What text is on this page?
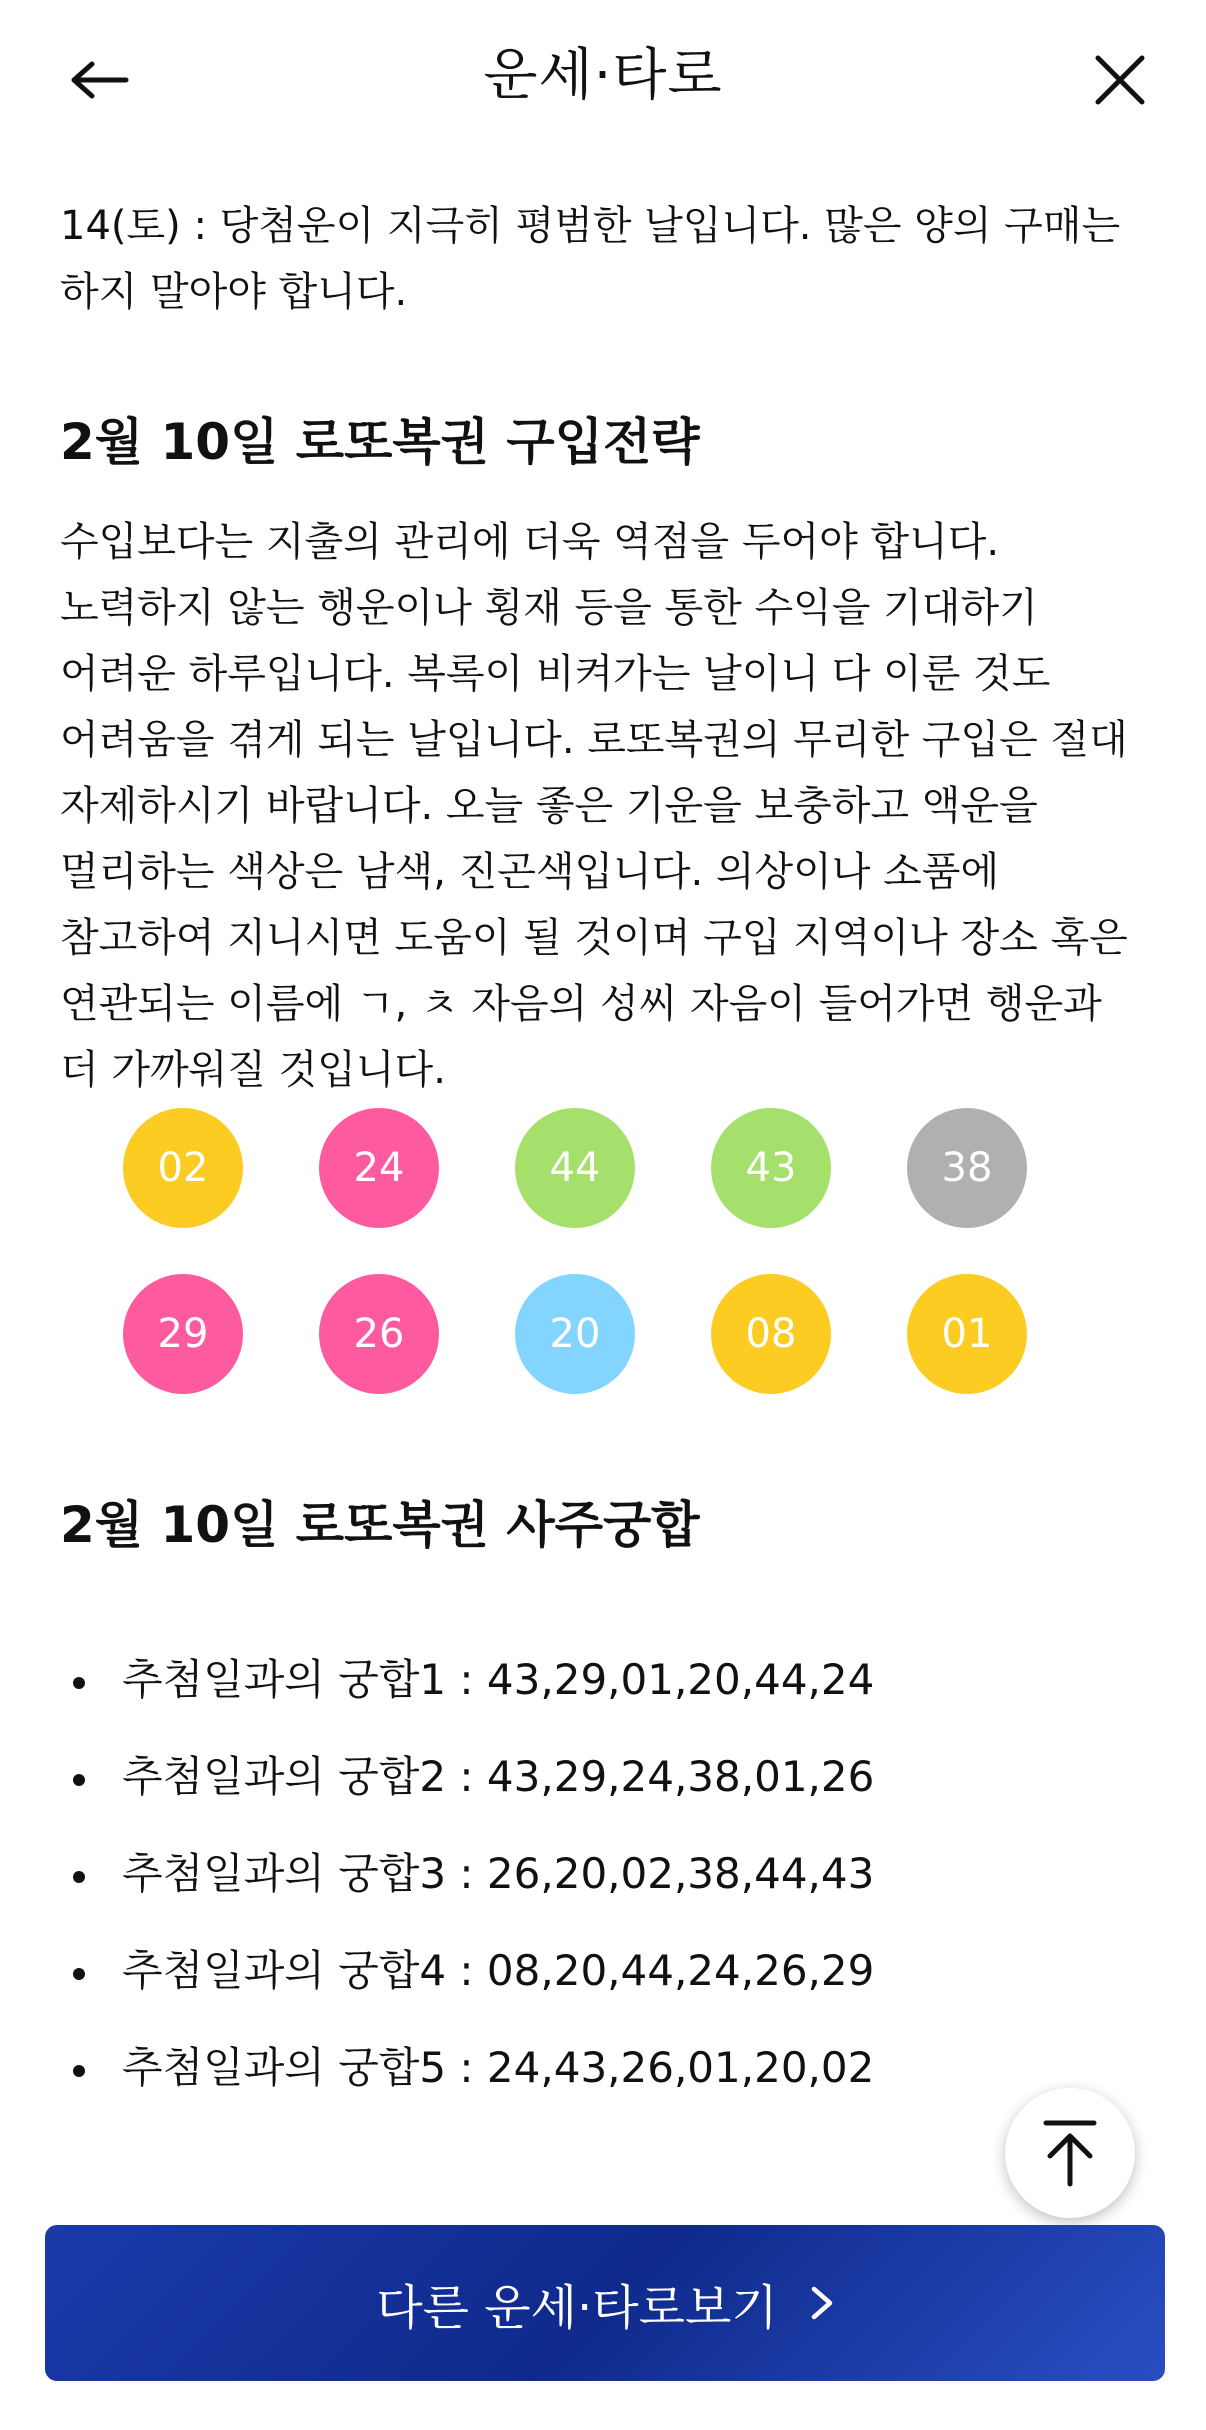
운세·타로

14(토) : 당첨운이 지극히 평범한 날입니다. 많은 양의 구매는 하지 말아야 합니다.

2월 10일 로또복권 구입전략

수입보다는 지출의 관리에 더욱 역점을 두어야 합니다. 노력하지 않는 행운이나 횡재 등을 통한 수익을 기대하기 어려운 하루입니다. 복록이 비켜가는 날이니 다 이룬 것도 어려움을 겪게 되는 날입니다. 로또복권의 무리한 구입은 절대 자제하시기 바랍니다. 오늘 좋은 기운을 보충하고 액운을 멀리하는 색상은 남색, 진곤색입니다. 의상이나 소품에 참고하여 지니시면 도움이 될 것이며 구입 지역이나 장소 혹은 연관되는 이름에 ㄱ, ㅊ 자음의 성씨 자음이 들어가면 행운과 더 가까워질 것입니다.

02	24	44	43	38
29	26	20	08	01
2월 10일 로또복권 사주궁합
추첨일과의 궁합1 : 43,29,01,20,44,24
추첨일과의 궁합2 : 43,29,24,38,01,26
추첨일과의 궁합3 : 26,20,02,38,44,43
추첨일과의 궁합4 : 08,20,44,24,26,29
추첨일과의 궁합5 : 24,43,26,01,20,02
다른 운세·타로보기
